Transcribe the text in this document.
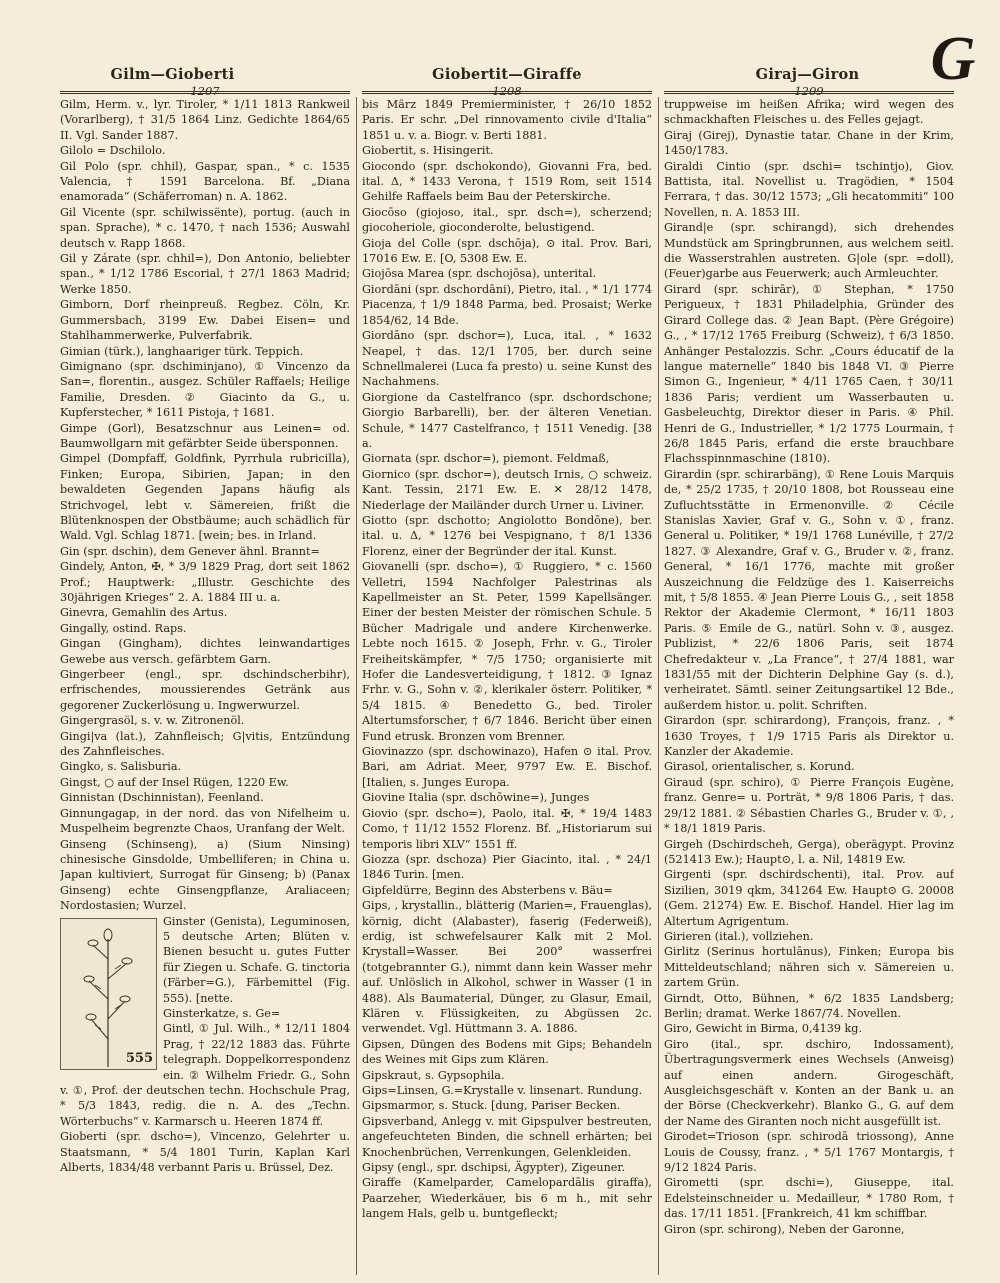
G
Gilm—Gioberti	Giobertit—Giraffe	Giraj—Giron
1207	1208	1209

Gilm, Herm. v., lyr. Tiroler, * 1/11 1813 Rankweil (Vorarlberg), † 31/5 1864 Linz. Gedichte 1864/65 II. Vgl. Sander 1887.

Gilolo = Dschilolo.

Gil Polo (spr. chhil), Gaspar, span., * c. 1535 Valencia, † 1591 Barcelona. Bf. „Diana enamorada“ (Schäferroman) n. A. 1862.

Gil Vicente (spr. schilwissënte), portug. (auch in span. Sprache), * c. 1470, † nach 1536; Auswahl deutsch v. Rapp 1868.

Gil y Zárate (spr. chhil=), Don Antonio, beliebter span., * 1/12 1786 Escorial, † 27/1 1863 Madrid; Werke 1850.

Gimborn, Dorf rheinpreuß. Regbez. Cöln, Kr. Gummersbach, 3199 Ew. Dabei Eisen= und Stahlhammerwerke, Pulverfabrik.

Gimian (türk.), langhaariger türk. Teppich.

Gimignano (spr. dschiminjano), ① Vincenzo da San=, florentin., ausgez. Schüler Raffaels; Heilige Familie, Dresden. ② Giacinto da G., u. Kupferstecher, * 1611 Pistoja, † 1681.

Gimpe (Gorl), Besatzschnur aus Leinen= od. Baumwollgarn mit gefärbter Seide übersponnen.

Gimpel (Dompfaff, Goldfink, Pyrrhula rubricilla), Finken; Europa, Sibirien, Japan; in den bewaldeten Gegenden Japans häufig als Strichvogel, lebt v. Sämereien, frißt die Blütenknospen der Obstbäume; auch schädlich für Wald. Vgl. Schlag 1871. [wein; bes. in Irland.

Gin (spr. dschin), dem Genever ähnl. Brannt=

Gindely, Anton, ✠, * 3/9 1829 Prag, dort seit 1862 Prof.; Hauptwerk: „Illustr. Geschichte des 30jährigen Krieges“ 2. A. 1884 III u. a.

Ginevra, Gemahlin des Artus.

Gingally, ostind. Raps.

Gingan (Gingham), dichtes leinwandartiges Gewebe aus versch. gefärbtem Garn.

Gingerbeer (engl., spr. dschindscherbihr), erfrischendes, moussierendes Getränk aus gegorener Zuckerlösung u. Ingwerwurzel.

Gingergrasöl, s. v. w. Zitronenöl.

Gingi|va (lat.), Zahnfleisch; G|vitis, Entzündung des Zahnfleisches.

Gingko, s. Salisburia.

Gingst, ○ auf der Insel Rügen, 1220 Ew.

Ginnistan (Dschinnistan), Feenland.

Ginnungagap, in der nord. das von Nifelheim u. Muspelheim begrenzte Chaos, Uranfang der Welt.

Ginseng (Schinseng), a) (Sium Ninsing) chinesische Ginsdolde, Umbelliferen; in China u. Japan kultiviert, Surrogat für Ginseng; b) (Panax Ginseng) echte Ginsengpflanze, Araliaceen; Nordostasien; Wurzel.

555

Ginster (Genista), Leguminosen, 5 deutsche Arten; Blüten v. Bienen besucht u. gutes Futter für Ziegen u. Schafe. G. tinctoria (Färber=G.), Färbemittel (Fig. 555). [nette.

Ginsterkatze, s. Ge=

Gintl, ① Jul. Wilh., * 12/11 1804 Prag, † 22/12 1883 das. Führte telegraph. Doppelkorrespondenz ein. ② Wilhelm Friedr. G., Sohn v. ①, Prof. der deutschen techn. Hochschule Prag, * 5/3 1843, redig. die n. A. des „Techn. Wörterbuchs“ v. Karmarsch u. Heeren 1874 ff.

Gioberti (spr. dscho=), Vincenzo, Gelehrter u. Staatsmann, * 5/4 1801 Turin, Kaplan Karl Alberts, 1834/48 verbannt Paris u. Brüssel, Dez.

bis März 1849 Premierminister, † 26/10 1852 Paris. Er schr. „Del rinnovamento civile d'Italia“ 1851 u. v. a. Biogr. v. Berti 1881.

Giobertit, s. Hisingerit.

Giocondo (spr. dschokondo), Giovanni Fra, bed. ital. Δ, * 1433 Verona, † 1519 Rom, seit 1514 Gehilfe Raffaels beim Bau der Peterskirche.

Giocōso (giojoso, ital., spr. dsch=), scherzend; giocoheriole, gioconderolte, belustigend.

Gioja del Colle (spr. dschōja), ⊙ ital. Prov. Bari, 17016 Ew. E. [O, 5308 Ew. E.

Giojōsa Marea (spr. dschojōsa), unterital.

Giordāni (spr. dschordāni), Pietro, ital. , * 1/1 1774 Piacenza, † 1/9 1848 Parma, bed. Prosaist; Werke 1854/62, 14 Bde.

Giordāno (spr. dschor=), Luca, ital. , * 1632 Neapel, † das. 12/1 1705, ber. durch seine Schnellmalerei (Luca fa presto) u. seine Kunst des Nachahmens.

Giorgione da Castelfranco (spr. dschordschone; Giorgio Barbarelli), ber. der älteren Venetian. Schule, * 1477 Castelfranco, † 1511 Venedig. [38 a.

Giornata (spr. dschor=), piemont. Feldmaß,

Giornico (spr. dschor=), deutsch Irnis, ○ schweiz. Kant. Tessin, 2171 Ew. E. ✕ 28/12 1478, Niederlage der Mailänder durch Urner u. Liviner.

Giotto (spr. dschotto; Angiolotto Bondōne), ber. ital. u. Δ, * 1276 bei Vespignano, † 8/1 1336 Florenz, einer der Begründer der ital. Kunst.

Giovanelli (spr. dscho=), ① Ruggiero, * c. 1560 Velletri, 1594 Nachfolger Palestrinas als Kapellmeister an St. Peter, 1599 Kapellsänger. Einer der besten Meister der römischen Schule. 5 Bücher Madrigale und andere Kirchenwerke. Lebte noch 1615. ② Joseph, Frhr. v. G., Tiroler Freiheitskämpfer, * 7/5 1750; organisierte mit Hofer die Landesverteidigung, † 1812. ③ Ignaz Frhr. v. G., Sohn v. ②, klerikaler österr. Politiker, * 5/4 1815. ④ Benedetto G., bed. Tiroler Altertumsforscher, † 6/7 1846. Bericht über einen Fund etrusk. Bronzen vom Brenner.

Giovinazzo (spr. dschowinazo), Hafen ⊙ ital. Prov. Bari, am Adriat. Meer, 9797 Ew. E. Bischof. [Italien, s. Junges Europa.

Giovine Italia (spr. dschōwine=), Junges

Giovio (spr. dscho=), Paolo, ital. ✠, * 19/4 1483 Como, † 11/12 1552 Florenz. Bf. „Historiarum sui temporis libri XLV“ 1551 ff.

Giozza (spr. dschoza) Pier Giacinto, ital. , * 24/1 1846 Turin. [men.

Gipfeldürre, Beginn des Absterbens v. Bäu=

Gips, , krystallin., blätterig (Marien=, Frauenglas), körnig, dicht (Alabaster), faserig (Federweiß), erdig, ist schwefelsaurer Kalk mit 2 Mol. Krystall=Wasser. Bei 200° wasserfrei (totgebrannter G.), nimmt dann kein Wasser mehr auf. Unlöslich in Alkohol, schwer in Wasser (1 in 488). Als Baumaterial, Dünger, zu Glasur, Email, Klären v. Flüssigkeiten, zu Abgüssen 2c. verwendet. Vgl. Hüttmann 3. A. 1886.

Gipsen, Düngen des Bodens mit Gips; Behandeln des Weines mit Gips zum Klären.

Gipskraut, s. Gypsophila.

Gips=Linsen, G.=Krystalle v. linsenart. Rundung.

Gipsmarmor, s. Stuck. [dung, Pariser Becken.

Gipsverband, Anlegg v. mit Gipspulver bestreuten, angefeuchteten Binden, die schnell erhärten; bei Knochenbrüchen, Verrenkungen, Gelenkleiden.

Gipsy (engl., spr. dschipsi, Ägypter), Zigeuner.

Giraffe (Kamelparder, Camelopardālis giraffa), Paarzeher, Wiederkäuer, bis 6 m h., mit sehr langem Hals, gelb u. buntgefleckt;

truppweise im heißen Afrika; wird wegen des schmackhaften Fleisches u. des Felles gejagt.

Giraj (Girej), Dynastie tatar. Chane in der Krim, 1450/1783.

Giraldi Cintio (spr. dschi= tschintjo), Giov. Battista, ital. Novellist u. Tragödien, * 1504 Ferrara, † das. 30/12 1573; „Gli hecatommiti“ 100 Novellen, n. A. 1853 III.

Girand|e (spr. schirangd), sich drehendes Mundstück am Springbrunnen, aus welchem seitl. die Wasserstrahlen austreten. G|ole (spr. =doll), (Feuer)garbe aus Feuerwerk; auch Armleuchter.

Girard (spr. schirār), ① Stephan, * 1750 Perigueux, † 1831 Philadelphia, Gründer des Girard College das. ② Jean Bapt. (Père Grégoire) G., , * 17/12 1765 Freiburg (Schweiz), † 6/3 1850. Anhänger Pestalozzis. Schr. „Cours éducatif de la langue maternelle“ 1840 bis 1848 VI. ③ Pierre Simon G., Ingenieur, * 4/11 1765 Caen, † 30/11 1836 Paris; verdient um Wasserbauten u. Gasbeleuchtg, Direktor dieser in Paris. ④ Phil. Henri de G., Industrieller, * 1/2 1775 Lourmain, † 26/8 1845 Paris, erfand die erste brauchbare Flachsspinnmaschine (1810).

Girardin (spr. schirarbäng), ① Rene Louis Marquis de, * 25/2 1735, † 20/10 1808, bot Rousseau eine Zufluchtsstätte in Ermenonville. ② Cécile Stanislas Xavier, Graf v. G., Sohn v. ①, franz. General u. Politiker, * 19/1 1768 Lunéville, † 27/2 1827. ③ Alexandre, Graf v. G., Bruder v. ②, franz. General, * 16/1 1776, machte mit großer Auszeichnung die Feldzüge des 1. Kaiserreichs mit, † 5/8 1855. ④ Jean Pierre Louis G., , seit 1858 Rektor der Akademie Clermont, * 16/11 1803 Paris. ⑤ Emile de G., natürl. Sohn v. ③, ausgez. Publizist, * 22/6 1806 Paris, seit 1874 Chefredakteur v. „La France“, † 27/4 1881, war 1831/55 mit der Dichterin Delphine Gay (s. d.), verheiratet. Sämtl. seiner Zeitungsartikel 12 Bde., außerdem histor. u. polit. Schriften.

Girardon (spr. schirardong), François, franz. , * 1630 Troyes, † 1/9 1715 Paris als Direktor u. Kanzler der Akademie.

Girasol, orientalischer, s. Korund.

Giraud (spr. schiro), ① Pierre François Eugène, franz. Genre= u. Porträt, * 9/8 1806 Paris, † das. 29/12 1881. ② Sébastien Charles G., Bruder v. ①, , * 18/1 1819 Paris.

Girgeh (Dschirdscheh, Gerga), oberägypt. Provinz (521413 Ew.); Haupt⊙, l. a. Nil, 14819 Ew.

Girgenti (spr. dschirdschenti), ital. Prov. auf Sizilien, 3019 qkm, 341264 Ew. Haupt⊙ G. 20008 (Gem. 21274) Ew. E. Bischof. Handel. Hier lag im Altertum Agrigentum.

Girieren (ital.), vollziehen.

Girlitz (Serinus hortulānus), Finken; Europa bis Mitteldeutschland; nähren sich v. Sämereien u. zartem Grün.

Girndt, Otto, Bühnen, * 6/2 1835 Landsberg; Berlin; dramat. Werke 1867/74. Novellen.

Giro, Gewicht in Birma, 0,4139 kg.

Giro (ital., spr. dschiro, Indossament), Übertragungsvermerk eines Wechsels (Anweisg) auf einen andern. Girogeschäft, Ausgleichsgeschäft v. Konten an der Bank u. an der Börse (Checkverkehr). Blanko G., G. auf dem der Name des Giranten noch nicht ausgefüllt ist.

Girodet=Trioson (spr. schirodā triossong), Anne Louis de Coussy, franz. , * 5/1 1767 Montargis, † 9/12 1824 Paris.

Girometti (spr. dschi=), Giuseppe, ital. Edelsteinschneider u. Medailleur, * 1780 Rom, † das. 17/11 1851. [Frankreich, 41 km schiffbar.

Giron (spr. schirong), Neben der Garonne,
